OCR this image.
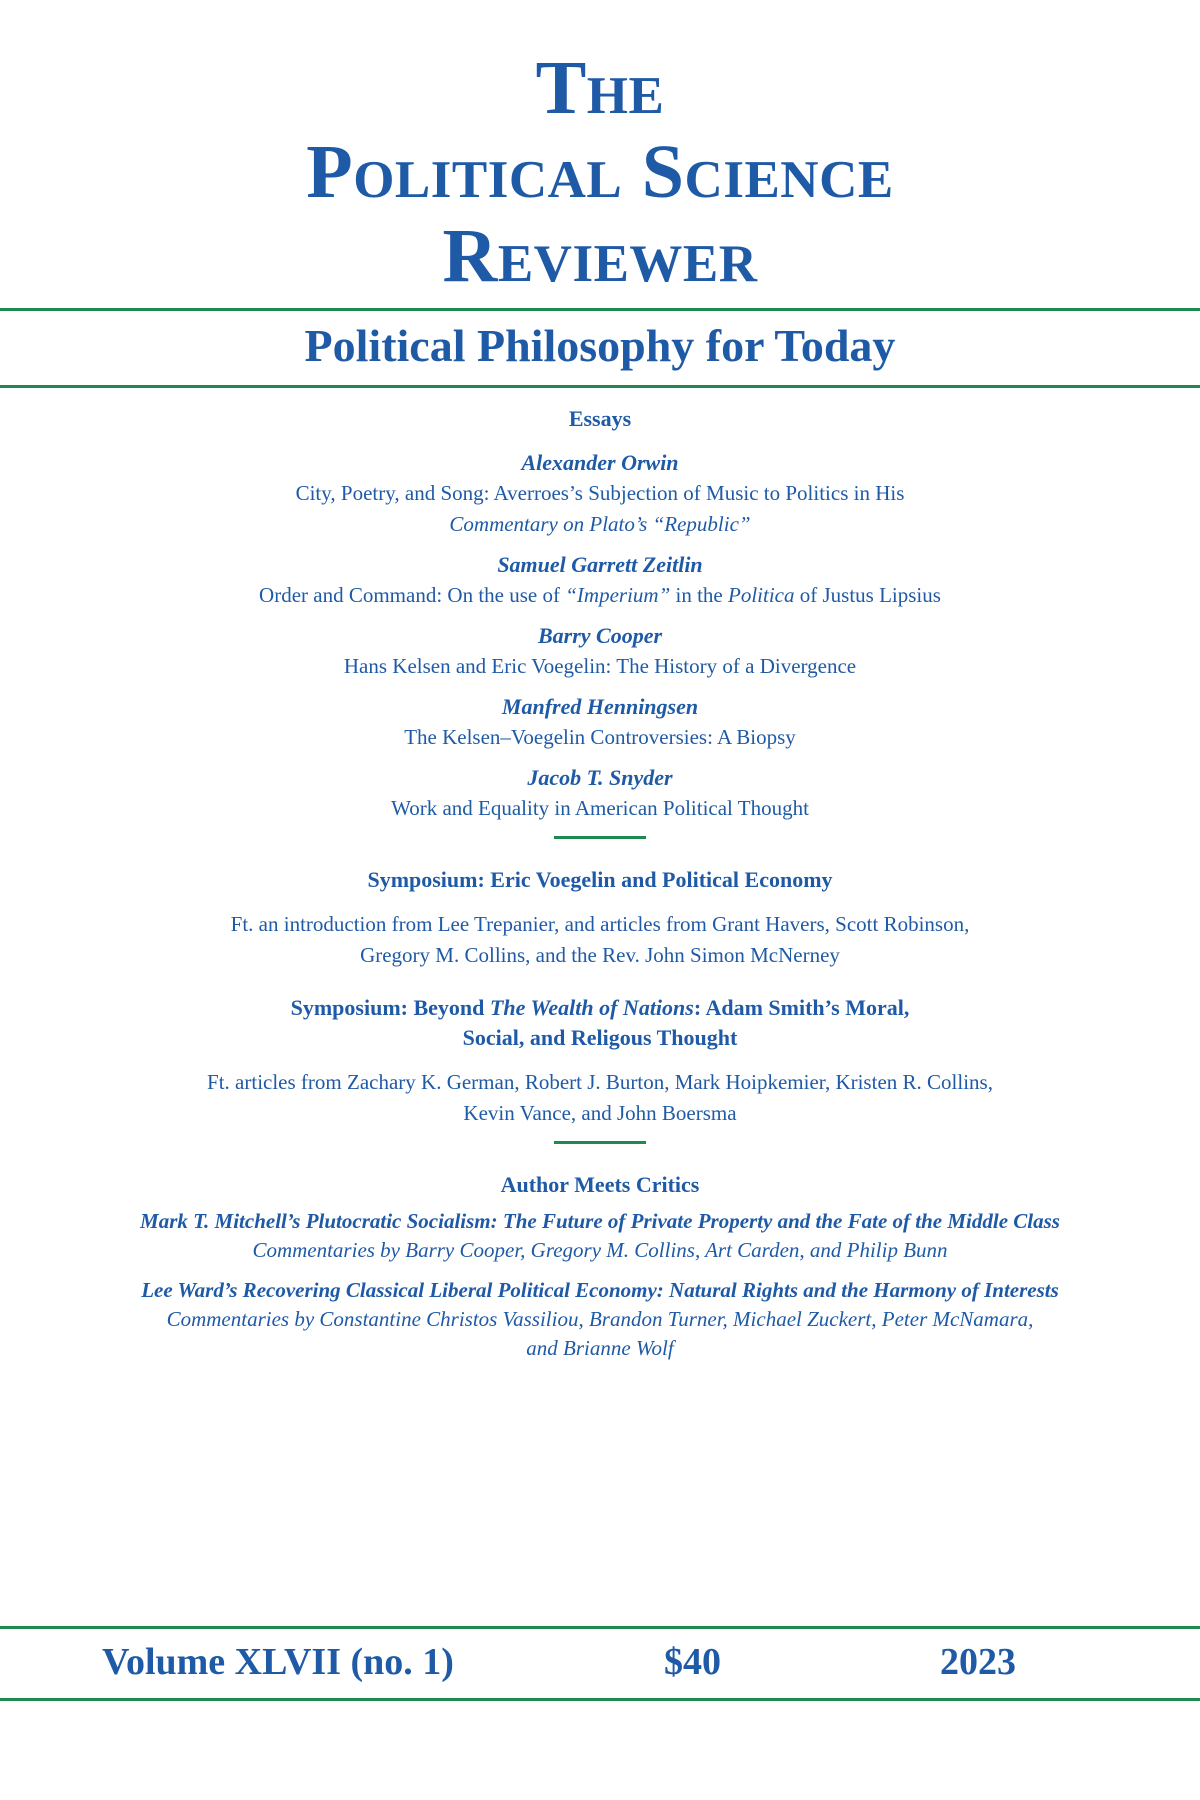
The
Political Science
Reviewer
Political Philosophy for Today
Essays
Alexander Orwin
City, Poetry, and Song: Averroes’s Subjection of Music to Politics in His
Commentary on Plato’s “Republic”
Samuel Garrett Zeitlin
Order and Command: On the use of “Imperium” in the Politica of Justus Lipsius
Barry Cooper
Hans Kelsen and Eric Voegelin: The History of a Divergence
Manfred Henningsen
The Kelsen–Voegelin Controversies: A Biopsy
Jacob T. Snyder
Work and Equality in American Political Thought
Symposium: Eric Voegelin and Political Economy
Ft. an introduction from Lee Trepanier, and articles from Grant Havers, Scott Robinson,
Gregory M. Collins, and the Rev. John Simon McNerney
Symposium: Beyond The Wealth of Nations: Adam Smith’s Moral,
Social, and Religous Thought
Ft. articles from Zachary K. German, Robert J. Burton, Mark Hoipkemier, Kristen R. Collins,
Kevin Vance, and John Boersma
Author Meets Critics
Mark T. Mitchell’s Plutocratic Socialism: The Future of Private Property and the Fate of the Middle Class
Commentaries by Barry Cooper, Gregory M. Collins, Art Carden, and Philip Bunn
Lee Ward’s Recovering Classical Liberal Political Economy: Natural Rights and the Harmony of Interests
Commentaries by Constantine Christos Vassiliou, Brandon Turner, Michael Zuckert, Peter McNamara,
and Brianne Wolf
Volume XLVII (no. 1)	$40	2023
